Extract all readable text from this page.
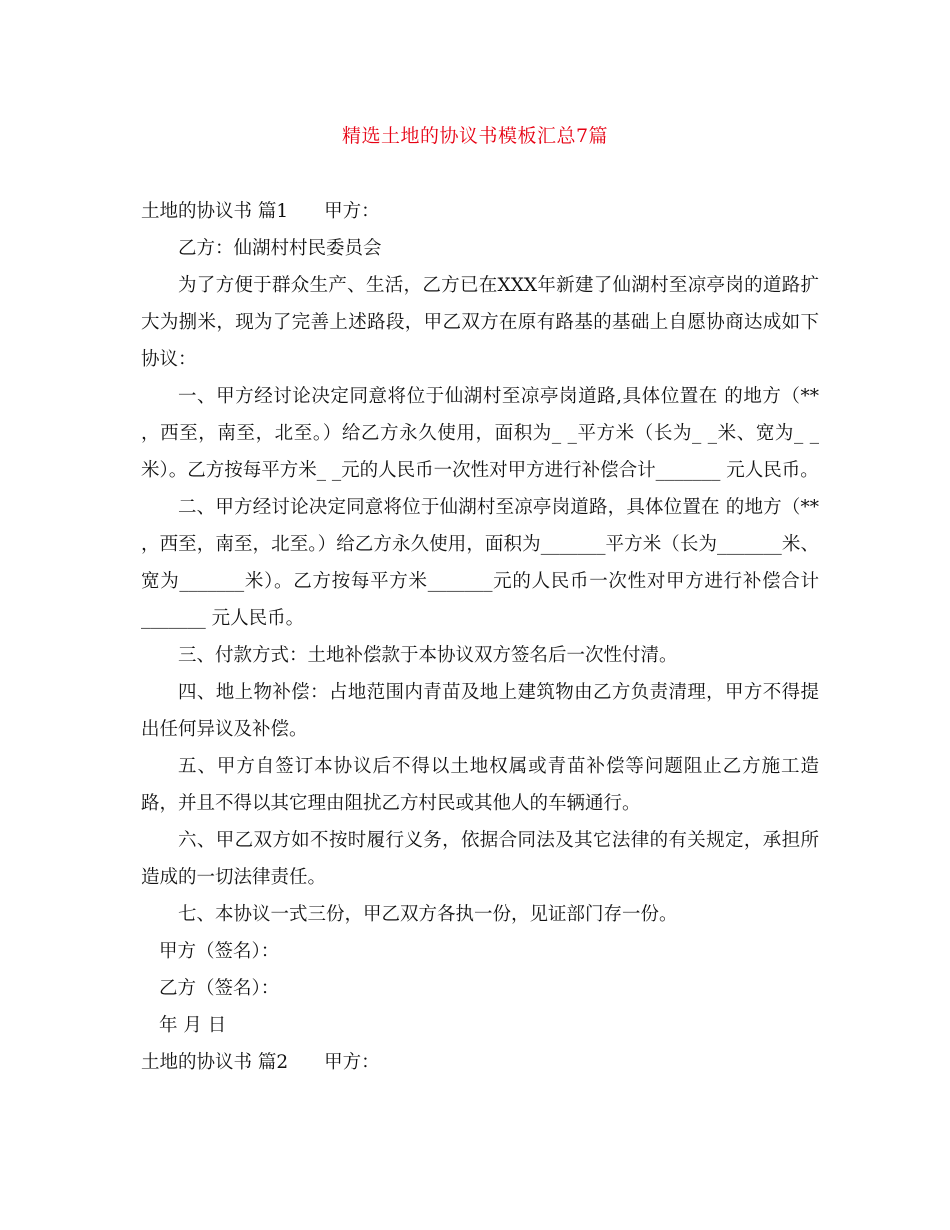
精选土地的协议书模板汇总7篇
土地的协议书 篇1 甲方：
乙方：仙湖村村民委员会
为了方便于群众生产、生活，乙方已在XXX年新建了仙湖村至凉亭岗的道路扩大为捌米，现为了完善上述路段，甲乙双方在原有路基的基础上自愿协商达成如下协议：
一、甲方经讨论决定同意将位于仙湖村至凉亭岗道路,具体位置在 的地方（** ，西至，南至，北至。）给乙方永久使用，面积为_ _平方米（长为_ _米、宽为_ _米）。乙方按每平方米_ _元的人民币一次性对甲方进行补偿合计_______ 元人民币。
二、甲方经讨论决定同意将位于仙湖村至凉亭岗道路，具体位置在 的地方（** ，西至，南至，北至。）给乙方永久使用，面积为_______平方米（长为_______米、宽为_______米）。乙方按每平方米_______元的人民币一次性对甲方进行补偿合计_______ 元人民币。
三、付款方式：土地补偿款于本协议双方签名后一次性付清。
四、地上物补偿：占地范围内青苗及地上建筑物由乙方负责清理，甲方不得提出任何异议及补偿。
五、甲方自签订本协议后不得以土地权属或青苗补偿等问题阻止乙方施工造路，并且不得以其它理由阻扰乙方村民或其他人的车辆通行。
六、甲乙双方如不按时履行义务，依据合同法及其它法律的有关规定，承担所造成的一切法律责任。
七、本协议一式三份，甲乙双方各执一份，见证部门存一份。
甲方（签名）：
乙方（签名）：
年 月 日
土地的协议书 篇2 甲方：
